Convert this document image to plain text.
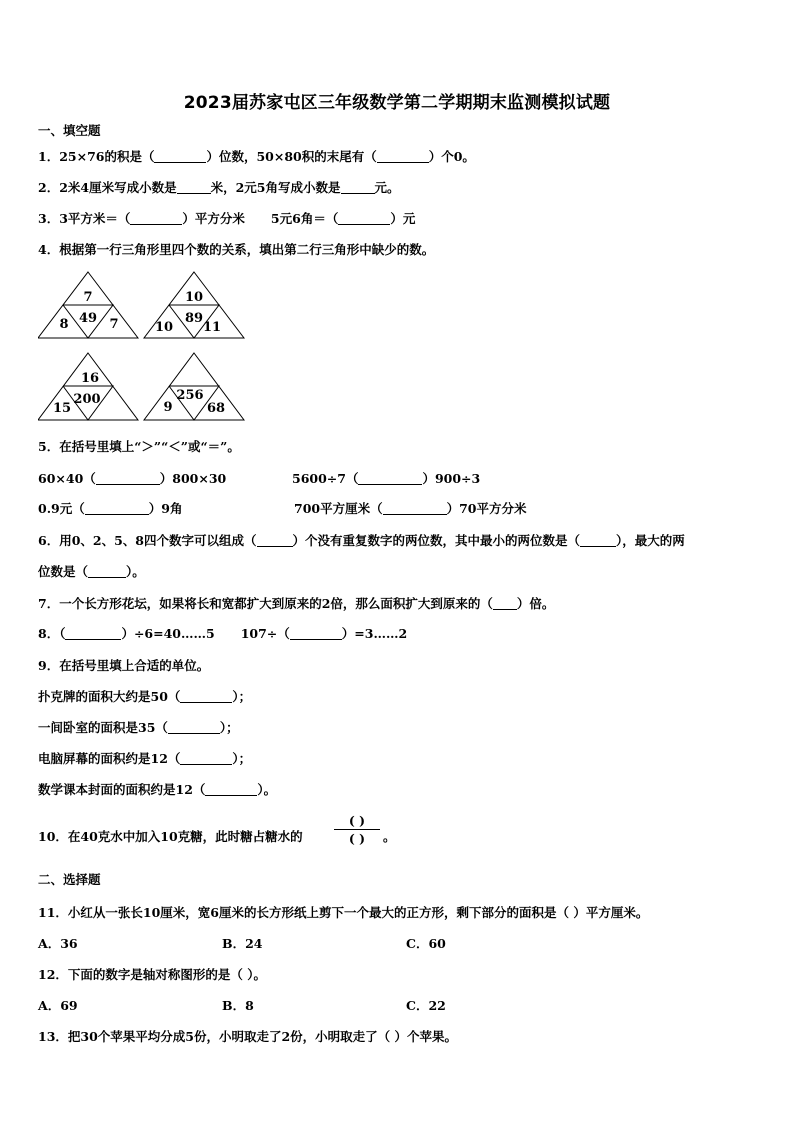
2023届苏家屯区三年级数学第二学期期末监测模拟试题
一、填空题
1．25×76的积是（	）位数，50×80积的末尾有（	）个0。
2．2米4厘米写成小数是	米，2元5角写成小数是	元。
3．3平方米＝（	）平方分米 5元6角＝（	）元
4．根据第一行三角形里四个数的关系，填出第二行三角形中缺少的数。
7
49
8	7
10
89
10 11
16
200
15
256
9	68
5．在括号里填上“＞”“＜”或“＝”。
60×40（	）800×30	5600÷7（	）900÷3
0.9元（	）9角	700平方厘米（	）70平方分米
6．用0、2、5、8四个数字可以组成（	）个没有重复数字的两位数，其中最小的两位数是（	），最大的两
位数是（	）。
7．一个长方形花坛，如果将长和宽都扩大到原来的2倍，那么面积扩大到原来的（ ）倍。
8．（	）÷6=40……5 107÷（	）=3……2
9．在括号里填上合适的单位。
扑克牌的面积大约是50（	）；
一间卧室的面积是35（	）；
电脑屏幕的面积约是12（	）；
数学课本封面的面积约是12（	）。
10．在40克水中加入10克糖，此时糖占糖水的
( )
( )	。
二、选择题
11．小红从一张长10厘米，宽6厘米的长方形纸上剪下一个最大的正方形，剩下部分的面积是（ ）平方厘米。
A．36	B．24	C．60
12．下面的数字是轴对称图形的是（ ）。
A．69	B．8	C．22
13．把30个苹果平均分成5份，小明取走了2份，小明取走了（ ）个苹果。
